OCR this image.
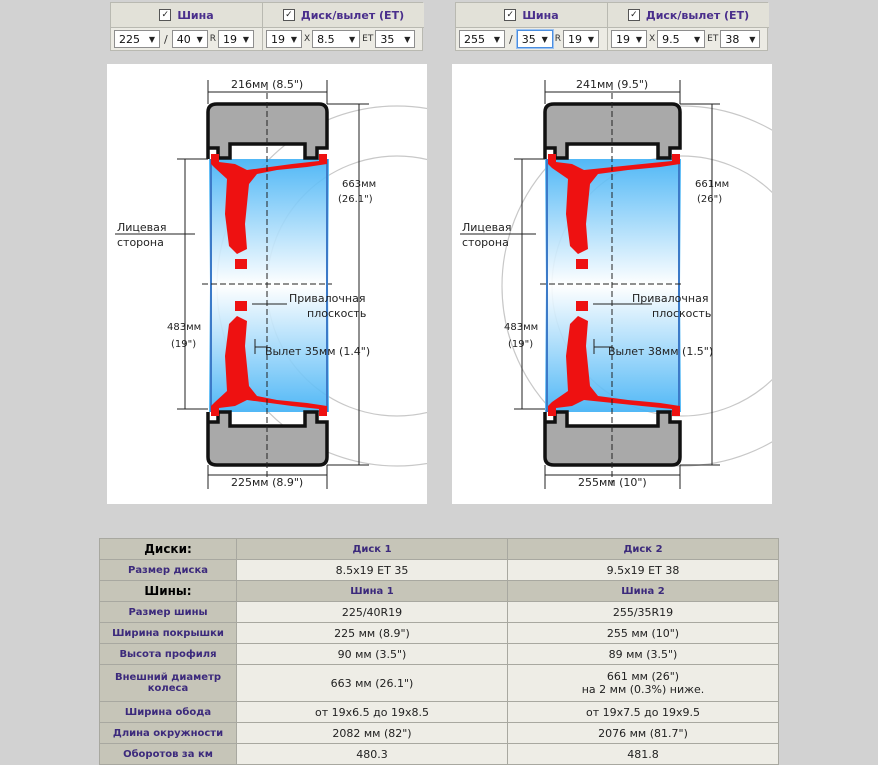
✓ Шина
225 ▼ / 40 ▼ R 19 ▼
✓ Диск/вылет (ET)
19 ▼ X 8.5 ▼ ET 35 ▼
✓ Шина
255 ▼ / 35 ▼ R 19 ▼
✓ Диск/вылет (ET)
19 ▼ X 9.5 ▼ ET 38 ▼
216мм (8.5")
663мм
(26.1")
Лицевая
сторона
Привалочная
плоскость
483мм
(19")
Вылет 35мм (1.4")
225мм (8.9")
241мм (9.5")
661мм
(26")
Лицевая
сторона
Привалочная
плоскость
483мм
(19")
Вылет 38мм (1.5")
255мм (10")
Диски:	Диск 1	Диск 2
Размер диска	8.5x19 ET 35	9.5x19 ET 38
Шины:	Шина 1	Шина 2
Размер шины	225/40R19	255/35R19
Ширина покрышки	225 мм (8.9")	255 мм (10")
Высота профиля	90 мм (3.5")	89 мм (3.5")
Внешний диаметр колеса	663 мм (26.1")	661 мм (26")
на 2 мм (0.3%) ниже.

Ширина обода	от 19x6.5 до 19x8.5	от 19x7.5 до 19x9.5
Длина окружности	2082 мм (82")	2076 мм (81.7")
Оборотов за км	480.3	481.8
